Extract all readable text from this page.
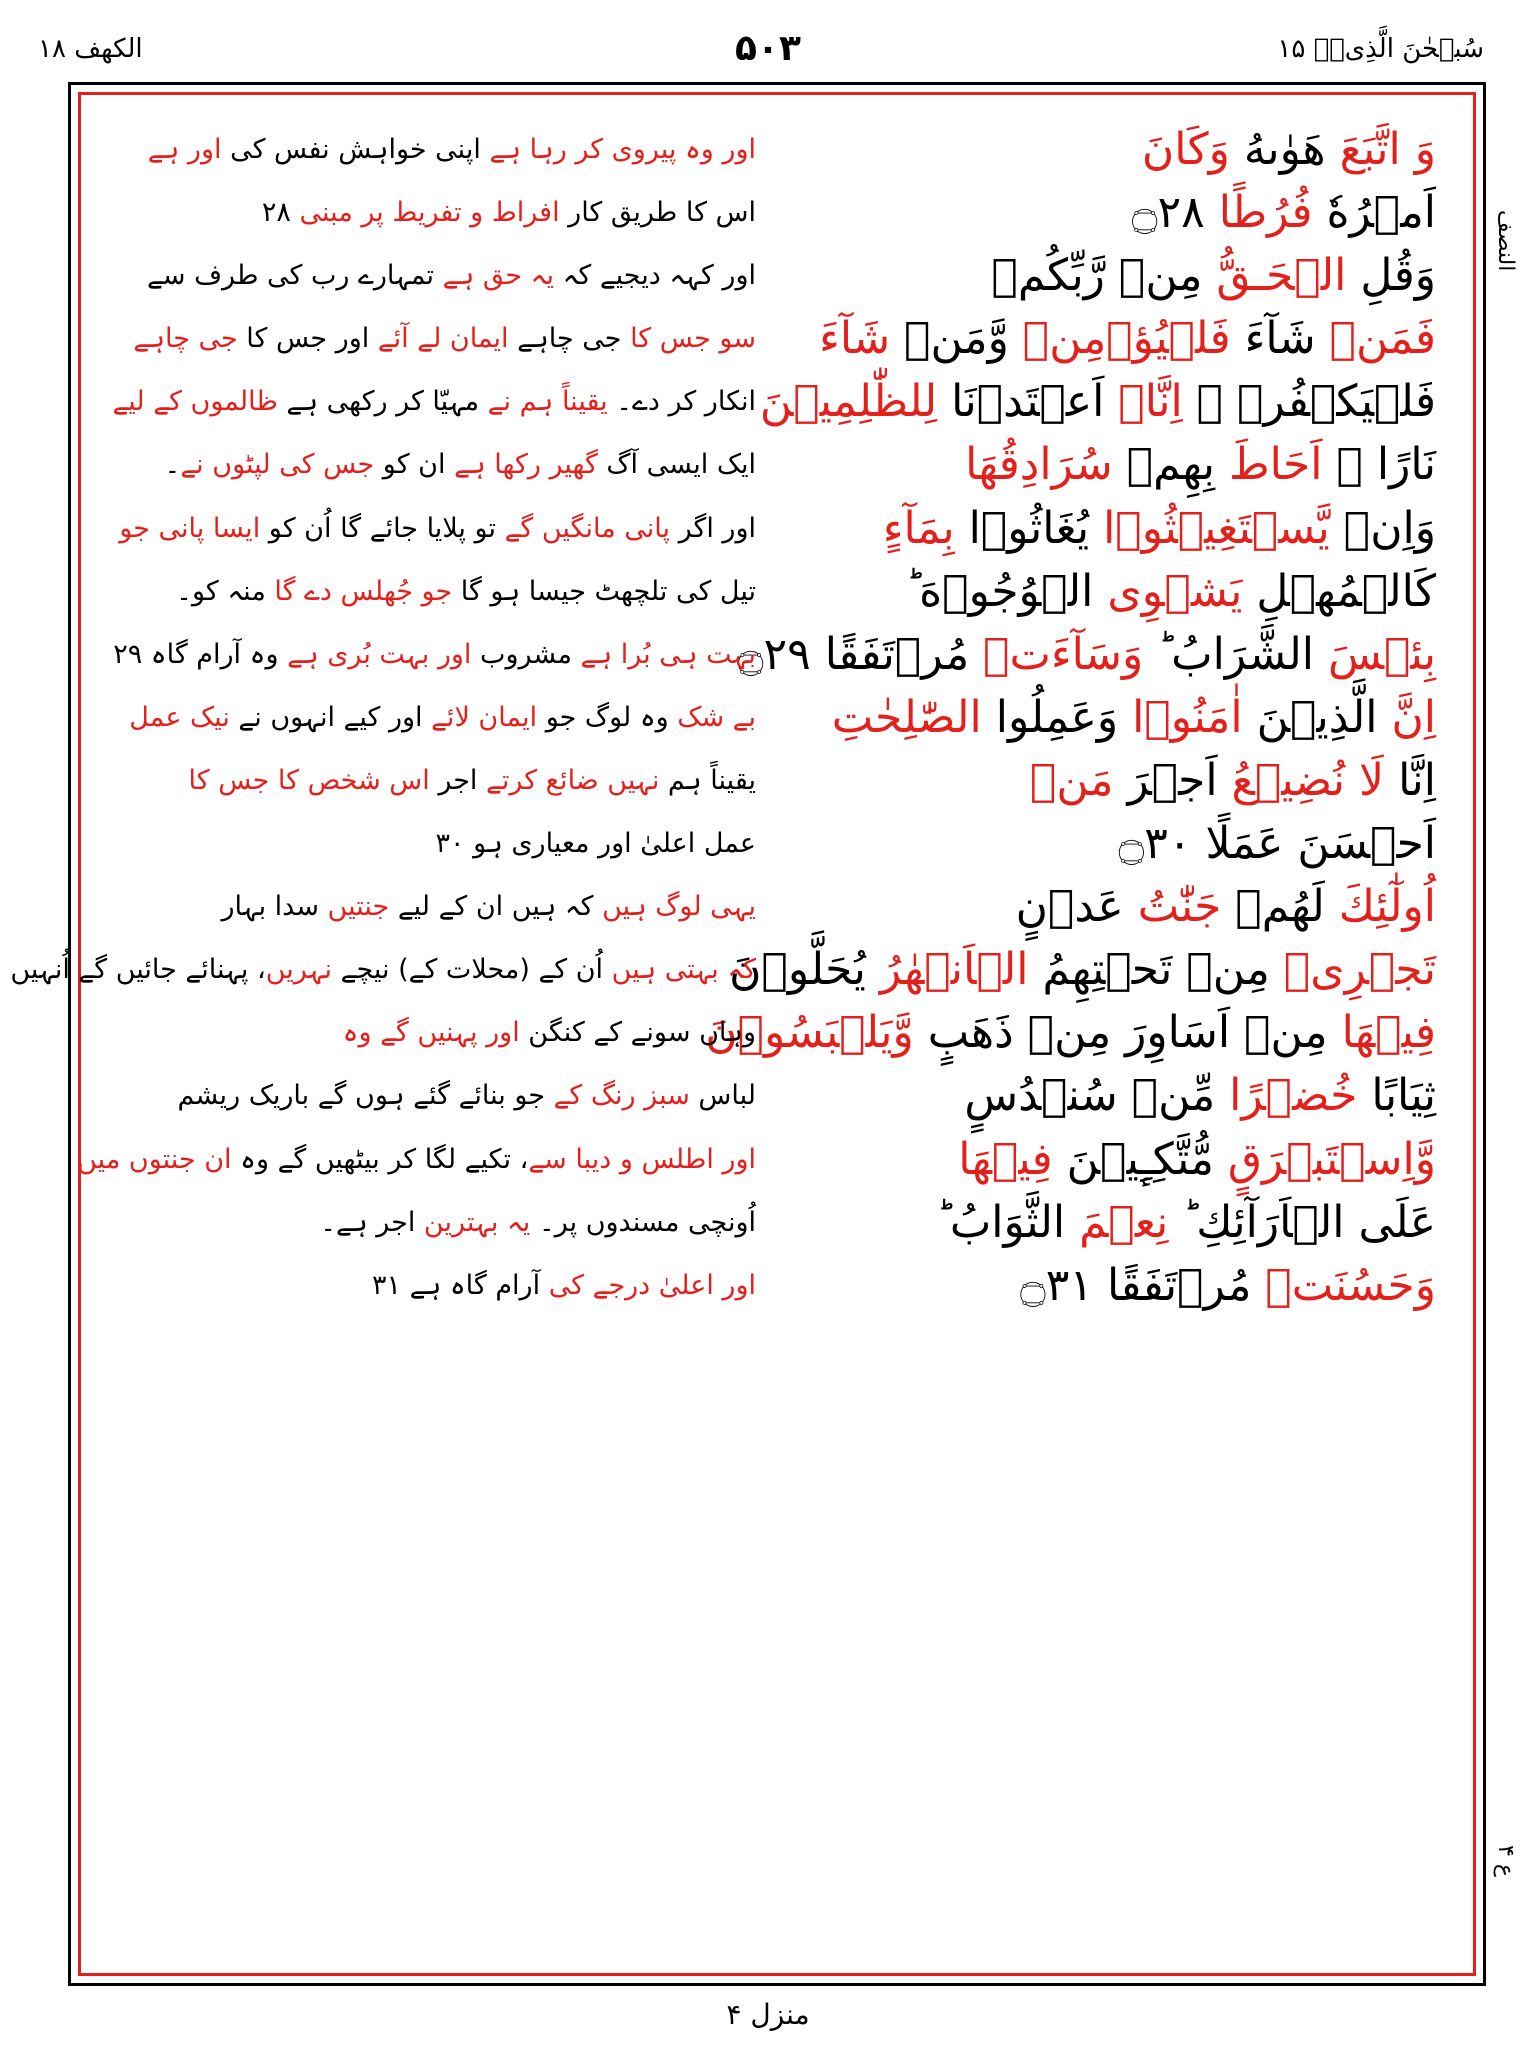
سُبۡحٰنَ الَّذِیۡۤ ۱۵
۵۰۳
الکھف ۱۸
النصف
ع ۴
وَ اتَّبَعَ هَوٰىهُ وَكَانَ
اَمۡرُهٗ فُرُطًا ۝۲۸
وَقُلِ الۡحَـقُّ مِنۡ رَّبِّكُمۡ
فَمَنۡ شَآءَ فَلۡيُؤۡمِنۡ وَّمَنۡ شَآءَ
فَلۡيَكۡفُرۡ ۚ اِنَّاۤ اَعۡتَدۡنَا لِلظّٰلِمِيۡنَ
نَارًا ۙ اَحَاطَ بِهِمۡ سُرَادِقُهَا
وَاِنۡ يَّسۡتَغِيۡثُوۡا يُغَاثُوۡا بِمَآءٍ
كَالۡمُهۡلِ يَشۡوِى الۡوُجُوۡهَ ؕ
بِئۡسَ الشَّرَابُ ؕ وَسَآءَتۡ مُرۡتَفَقًا ۝۲۹
اِنَّ الَّذِيۡنَ اٰمَنُوۡا وَعَمِلُوا الصّٰلِحٰتِ
اِنَّا لَا نُضِيۡعُ اَجۡرَ مَنۡ
اَحۡسَنَ عَمَلًا ۝۳۰
اُولٰٓئِكَ لَهُمۡ جَنّٰتُ عَدۡنٍ
تَجۡرِىۡ مِنۡ تَحۡتِهِمُ الۡاَنۡهٰرُ يُحَلَّوۡنَ
فِيۡهَا مِنۡ اَسَاوِرَ مِنۡ ذَهَبٍ وَّيَلۡبَسُوۡنَ
ثِيَابًا خُضۡرًا مِّنۡ سُنۡدُسٍ
وَّاِسۡتَبۡرَقٍ مُّتَّكِـِٕيۡنَ فِيۡهَا
عَلَى الۡاَرَآئِكِ ؕ نِعۡمَ الثَّوَابُ ؕ
وَحَسُنَتۡ مُرۡتَفَقًا ۝۳۱
اور وہ پیروی کر رہا ہے اپنی خواہش نفس کی اور ہے
اس کا طریق کار افراط و تفریط پر مبنی ۲۸
اور کہہ دیجیے کہ یہ حق ہے تمہارے رب کی طرف سے
سو جس کا جی چاہے ایمان لے آئے اور جس کا جی چاہے
انکار کر دے۔ یقیناً ہم نے مہیّا کر رکھی ہے ظالموں کے لیے
ایک ایسی آگ گھیر رکھا ہے ان کو جس کی لپٹوں نے۔
اور اگر پانی مانگیں گے تو پلایا جائے گا اُن کو ایسا پانی جو
تیل کی تلچھٹ جیسا ہو گا جو جُھلس دے گا منہ کو۔
بہت ہی بُرا ہے مشروب اور بہت بُری ہے وہ آرام گاہ ۲۹
بے شک وہ لوگ جو ایمان لائے اور کیے انہوں نے نیک عمل
یقیناً ہم نہیں ضائع کرتے اجر اس شخص کا جس کا
عمل اعلیٰ اور معیاری ہو ۳۰
یہی لوگ ہیں کہ ہیں ان کے لیے جنتیں سدا بہار
کہ بہتی ہیں اُن کے (محلات کے) نیچے نہریں، پہنائے جائیں گے اُنہیں
وہاں سونے کے کنگن اور پہنیں گے وہ
لباس سبز رنگ کے جو بنائے گئے ہوں گے باریک ریشم
اور اطلس و دیبا سے، تکیے لگا کر بیٹھیں گے وہ ان جنتوں میں
اُونچی مسندوں پر۔ یہ بہترین اجر ہے۔
اور اعلیٰ درجے کی آرام گاہ ہے ۳۱
منزل ۴
